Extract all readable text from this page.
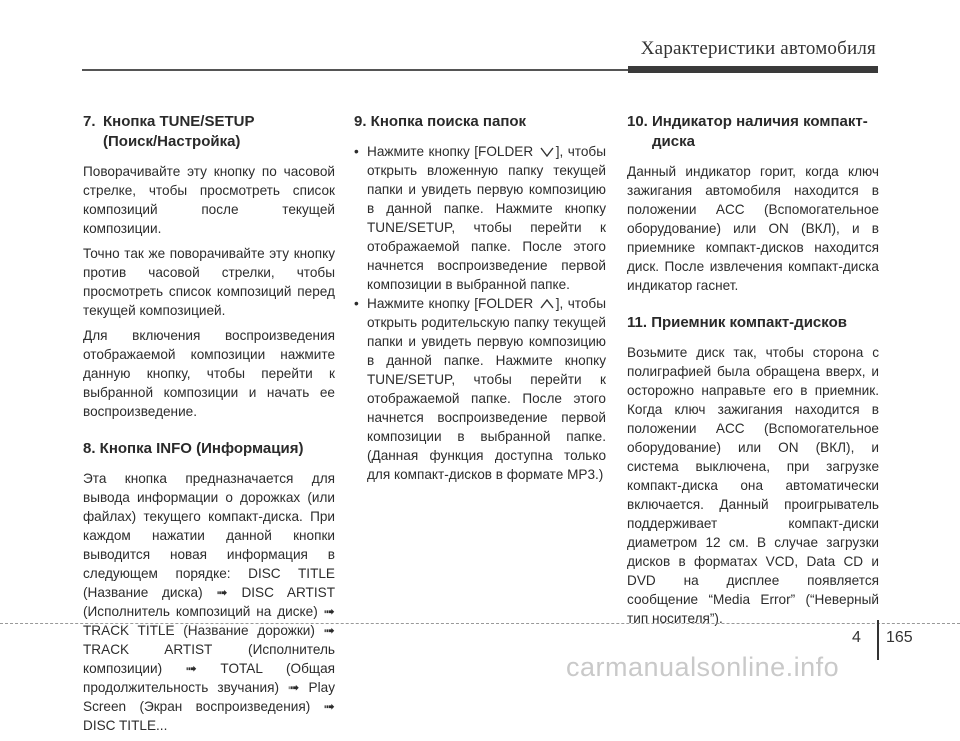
Характеристики автомобиля
7. Кнопка TUNE/SETUP
(Поиск/Настройка)

Поворачивайте эту кнопку по часовой стрелке, чтобы просмотреть список композиций после текущей композиции.

Точно так же поворачивайте эту кнопку против часовой стрелки, чтобы просмотреть список композиций перед текущей композицией.

Для включения воспроизведения отображаемой композиции нажмите данную кнопку, чтобы перейти к выбранной композиции и начать ее воспроизведение.

8. Кнопка INFO (Информация)

Эта кнопка предназначается для вывода информации о дорожках (или файлах) текущего компакт-диска. При каждом нажатии данной кнопки выводится новая информация в следующем порядке: DISC TITLE (Название диска) ➟ DISC ARTIST (Исполнитель композиций на диске) ➟ TRACK TITLE (Название дорожки) ➟ TRACK ARTIST (Исполнитель композиции) ➟ TOTAL (Общая продолжительность звучания) ➟ Play Screen (Экран воспроизведения) ➟ DISC TITLE...

9. Кнопка поиска папок
• Нажмите кнопку [FOLDER ], чтобы открыть вложенную папку текущей папки и увидеть первую композицию в данной папке. Нажмите кнопку TUNE/SETUP, чтобы перейти к отображаемой папке. После этого начнется воспроизведение первой композиции в выбранной папке.
• Нажмите кнопку [FOLDER ], чтобы открыть родительскую папку текущей папки и увидеть первую композицию в данной папке. Нажмите кнопку TUNE/SETUP, чтобы перейти к отображаемой папке. После этого начнется воспроизведение первой композиции в выбранной папке. (Данная функция доступна только для компакт-дисков в формате MP3.)
10. Индикатор наличия компакт-
диска

Данный индикатор горит, когда ключ зажигания автомобиля находится в положении ACC (Вспомогательное оборудование) или ON (ВКЛ), и в приемнике компакт-дисков находится диск. После извлечения компакт-диска индикатор гаснет.

11. Приемник компакт-дисков

Возьмите диск так, чтобы сторона с полиграфией была обращена вверх, и осторожно направьте его в приемник. Когда ключ зажигания находится в положении ACC (Вспомогательное оборудование) или ON (ВКЛ), и система выключена, при загрузке компакт-диска она автоматически включается. Данный проигрыватель поддерживает компакт-диски диаметром 12 см. В случае загрузки дисков в форматах VCD, Data CD и DVD на дисплее появляется сообщение “Media Error” (“Неверный тип носителя”).

4 165
carmanualsonline.info
